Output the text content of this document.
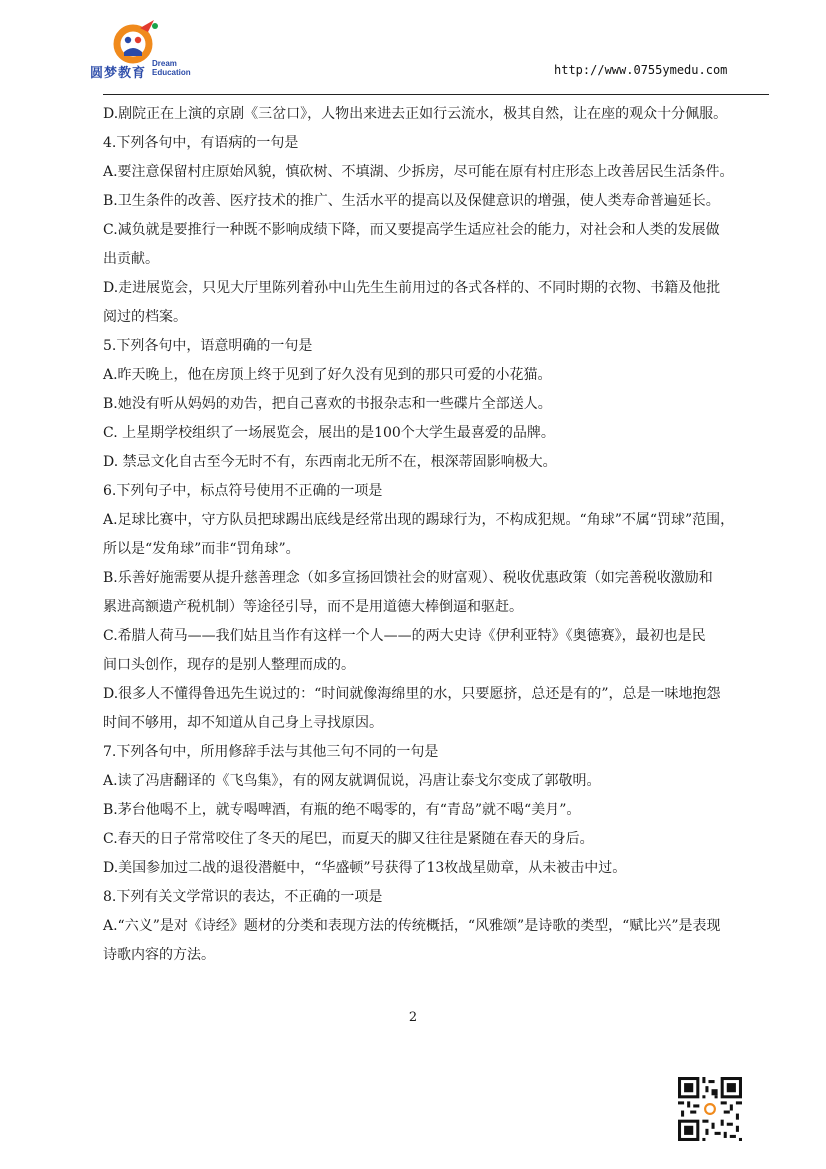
圆梦教育
Dream
Education	http://www.0755ymedu.com

D.剧院正在上演的京剧《三岔口》，人物出来进去正如行云流水，极其自然，让在座的观众十分佩服。

4.下列各句中，有语病的一句是

A.要注意保留村庄原始风貌，慎砍树、不填湖、少拆房，尽可能在原有村庄形态上改善居民生活条件。

B.卫生条件的改善、医疗技术的推广、生活水平的提高以及保健意识的增强，使人类寿命普遍延长。

C.减负就是要推行一种既不影响成绩下降，而又要提高学生适应社会的能力，对社会和人类的发展做

出贡献。

D.走进展览会，只见大厅里陈列着孙中山先生生前用过的各式各样的、不同时期的衣物、书籍及他批

阅过的档案。

5.下列各句中，语意明确的一句是

A.昨天晚上，他在房顶上终于见到了好久没有见到的那只可爱的小花猫。

B.她没有听从妈妈的劝告，把自己喜欢的书报杂志和一些碟片全部送人。

C. 上星期学校组织了一场展览会，展出的是100个大学生最喜爱的品牌。

D. 禁忌文化自古至今无时不有，东西南北无所不在，根深蒂固影响极大。

6.下列句子中，标点符号使用不正确的一项是

A.足球比赛中，守方队员把球踢出底线是经常出现的踢球行为，不构成犯规。“角球”不属“罚球”范围，

所以是“发角球”而非“罚角球”。

B.乐善好施需要从提升慈善理念（如多宣扬回馈社会的财富观）、税收优惠政策（如完善税收激励和

累进高额遗产税机制）等途径引导，而不是用道德大棒倒逼和驱赶。

C.希腊人荷马——我们姑且当作有这样一个人——的两大史诗《伊利亚特》《奥德赛》，最初也是民

间口头创作，现存的是别人整理而成的。

D.很多人不懂得鲁迅先生说过的：“时间就像海绵里的水，只要愿挤，总还是有的”，总是一味地抱怨

时间不够用，却不知道从自己身上寻找原因。

7.下列各句中，所用修辞手法与其他三句不同的一句是

A.读了冯唐翻译的《飞鸟集》，有的网友就调侃说，冯唐让泰戈尔变成了郭敬明。

B.茅台他喝不上，就专喝啤酒，有瓶的绝不喝零的，有“青岛”就不喝“美月”。

C.春天的日子常常咬住了冬天的尾巴，而夏天的脚又往往是紧随在春天的身后。

D.美国参加过二战的退役潜艇中，“华盛顿”号获得了13枚战星勋章，从未被击中过。

8.下列有关文学常识的表达，不正确的一项是

A.“六义”是对《诗经》题材的分类和表现方法的传统概括，“风雅颂”是诗歌的类型，“赋比兴”是表现

诗歌内容的方法。

2
